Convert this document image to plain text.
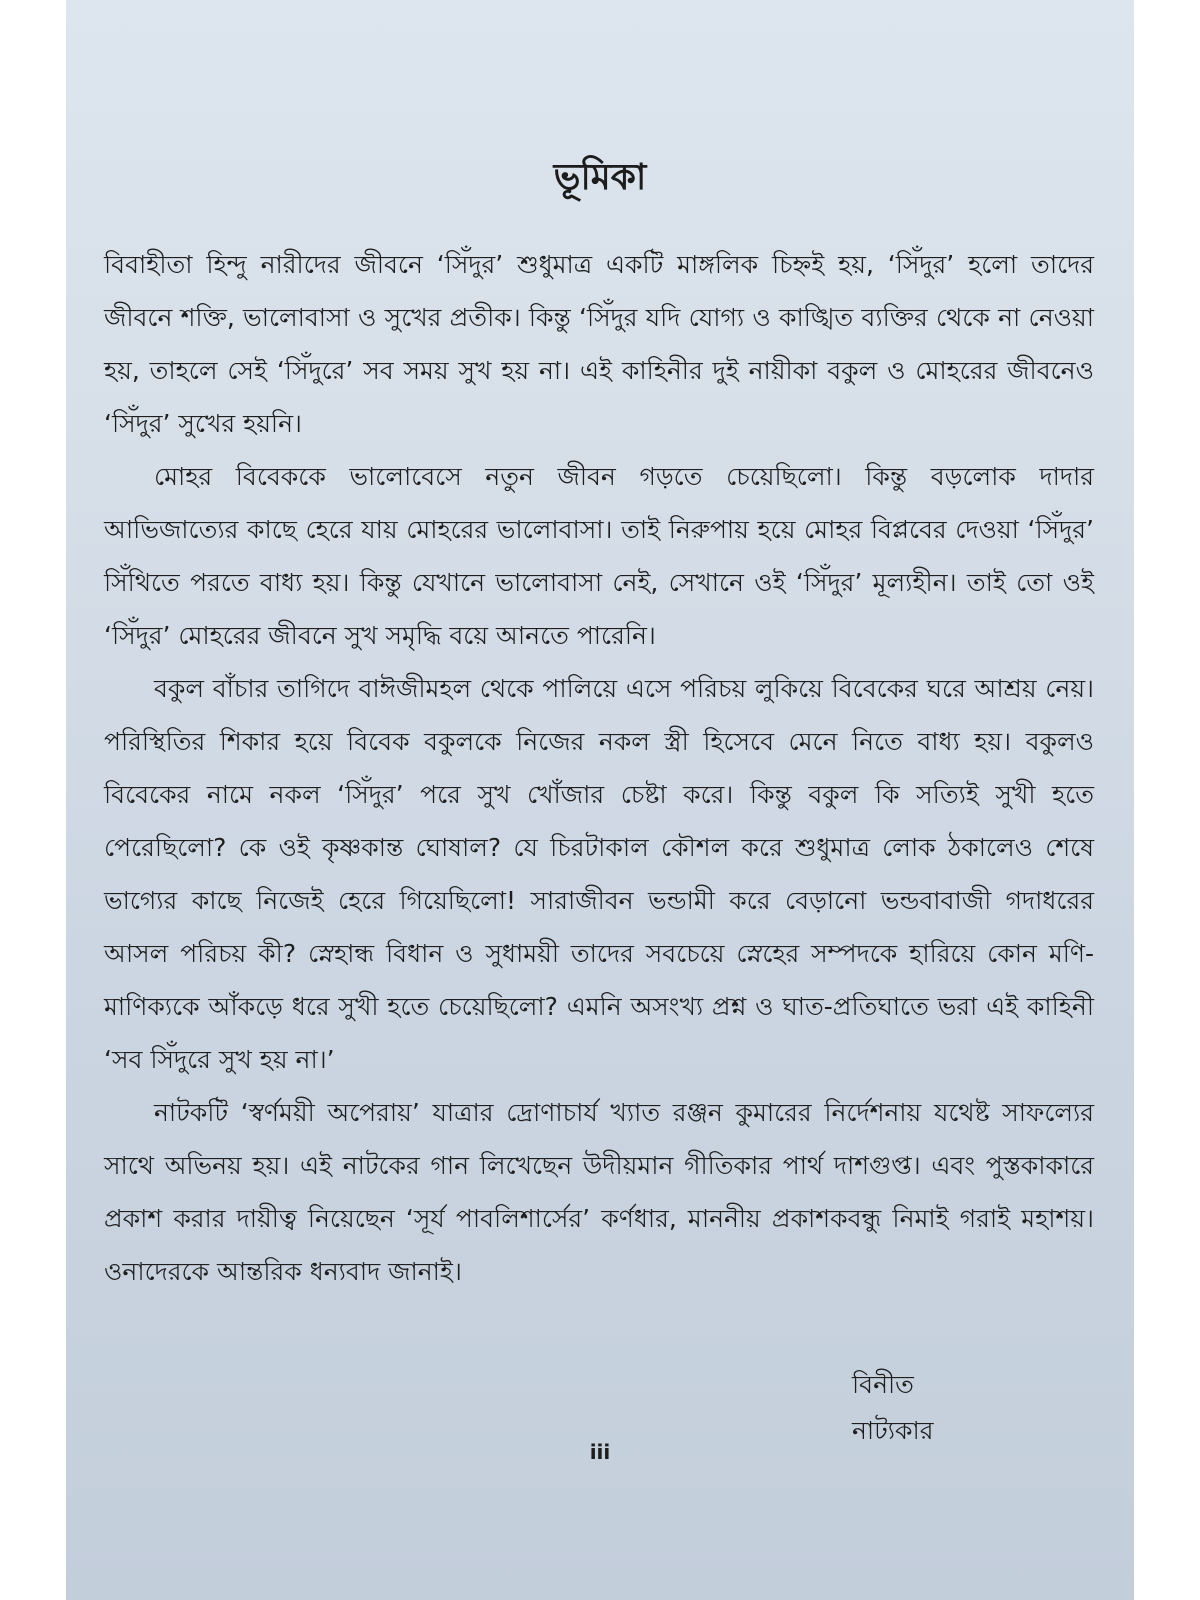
ভূমিকা

বিবাহীতা হিন্দু নারীদের জীবনে ‘সিঁদুর’ শুধুমাত্র একটি মাঙ্গলিক চিহ্নই হয়, ‘সিঁদুর’ হলো তাদের জীবনে শক্তি, ভালোবাসা ও সুখের প্রতীক। কিন্তু ‘সিঁদুর যদি যোগ্য ও কাঙ্খিত ব্যক্তির থেকে না নেওয়া হয়, তাহলে সেই ‘সিঁদুরে’ সব সময় সুখ হয় না। এই কাহিনীর দুই নায়ীকা বকুল ও মোহরের জীবনেও ‘সিঁদুর’ সুখের হয়নি।

মোহর বিবেককে ভালোবেসে নতুন জীবন গড়তে চেয়েছিলো। কিন্তু বড়লোক দাদার আভিজাত্যের কাছে হেরে যায় মোহরের ভালোবাসা। তাই নিরুপায় হয়ে মোহর বিপ্লবের দেওয়া ‘সিঁদুর’ সিঁথিতে পরতে বাধ্য হয়। কিন্তু যেখানে ভালোবাসা নেই, সেখানে ওই ‘সিঁদুর’ মূল্যহীন। তাই তো ওই ‘সিঁদুর’ মোহরের জীবনে সুখ সমৃদ্ধি বয়ে আনতে পারেনি।

বকুল বাঁচার তাগিদে বাঈজীমহল থেকে পালিয়ে এসে পরিচয় লুকিয়ে বিবেকের ঘরে আশ্রয় নেয়। পরিস্থিতির শিকার হয়ে বিবেক বকুলকে নিজের নকল স্ত্রী হিসেবে মেনে নিতে বাধ্য হয়। বকুলও বিবেকের নামে নকল ‘সিঁদুর’ পরে সুখ খোঁজার চেষ্টা করে। কিন্তু বকুল কি সত্যিই সুখী হতে পেরেছিলো? কে ওই কৃষ্ণকান্ত ঘোষাল? যে চিরটাকাল কৌশল করে শুধুমাত্র লোক ঠকালেও শেষে ভাগ্যের কাছে নিজেই হেরে গিয়েছিলো! সারাজীবন ভন্ডামী করে বেড়ানো ভন্ডবাবাজী গদাধরের আসল পরিচয় কী? স্নেহান্ধ বিধান ও সুধাময়ী তাদের সবচেয়ে স্নেহের সম্পদকে হারিয়ে কোন মণি-মাণিক্যকে আঁকড়ে ধরে সুখী হতে চেয়েছিলো? এমনি অসংখ্য প্রশ্ন ও ঘাত-প্রতিঘাতে ভরা এই কাহিনী ‘সব সিঁদুরে সুখ হয় না।’

নাটকটি ‘স্বর্ণময়ী অপেরায়’ যাত্রার দ্রোণাচার্য খ্যাত রঞ্জন কুমারের নির্দেশনায় যথেষ্ট সাফল্যের সাথে অভিনয় হয়। এই নাটকের গান লিখেছেন উদীয়মান গীতিকার পার্থ দাশগুপ্ত। এবং পুস্তকাকারে প্রকাশ করার দায়ীত্ব নিয়েছেন ‘সূর্য পাবলিশার্সের’ কর্ণধার, মাননীয় প্রকাশকবন্ধু নিমাই গরাই মহাশয়। ওনাদেরকে আন্তরিক ধন্যবাদ জানাই।

বিনীত
নাট্যকার
iii
